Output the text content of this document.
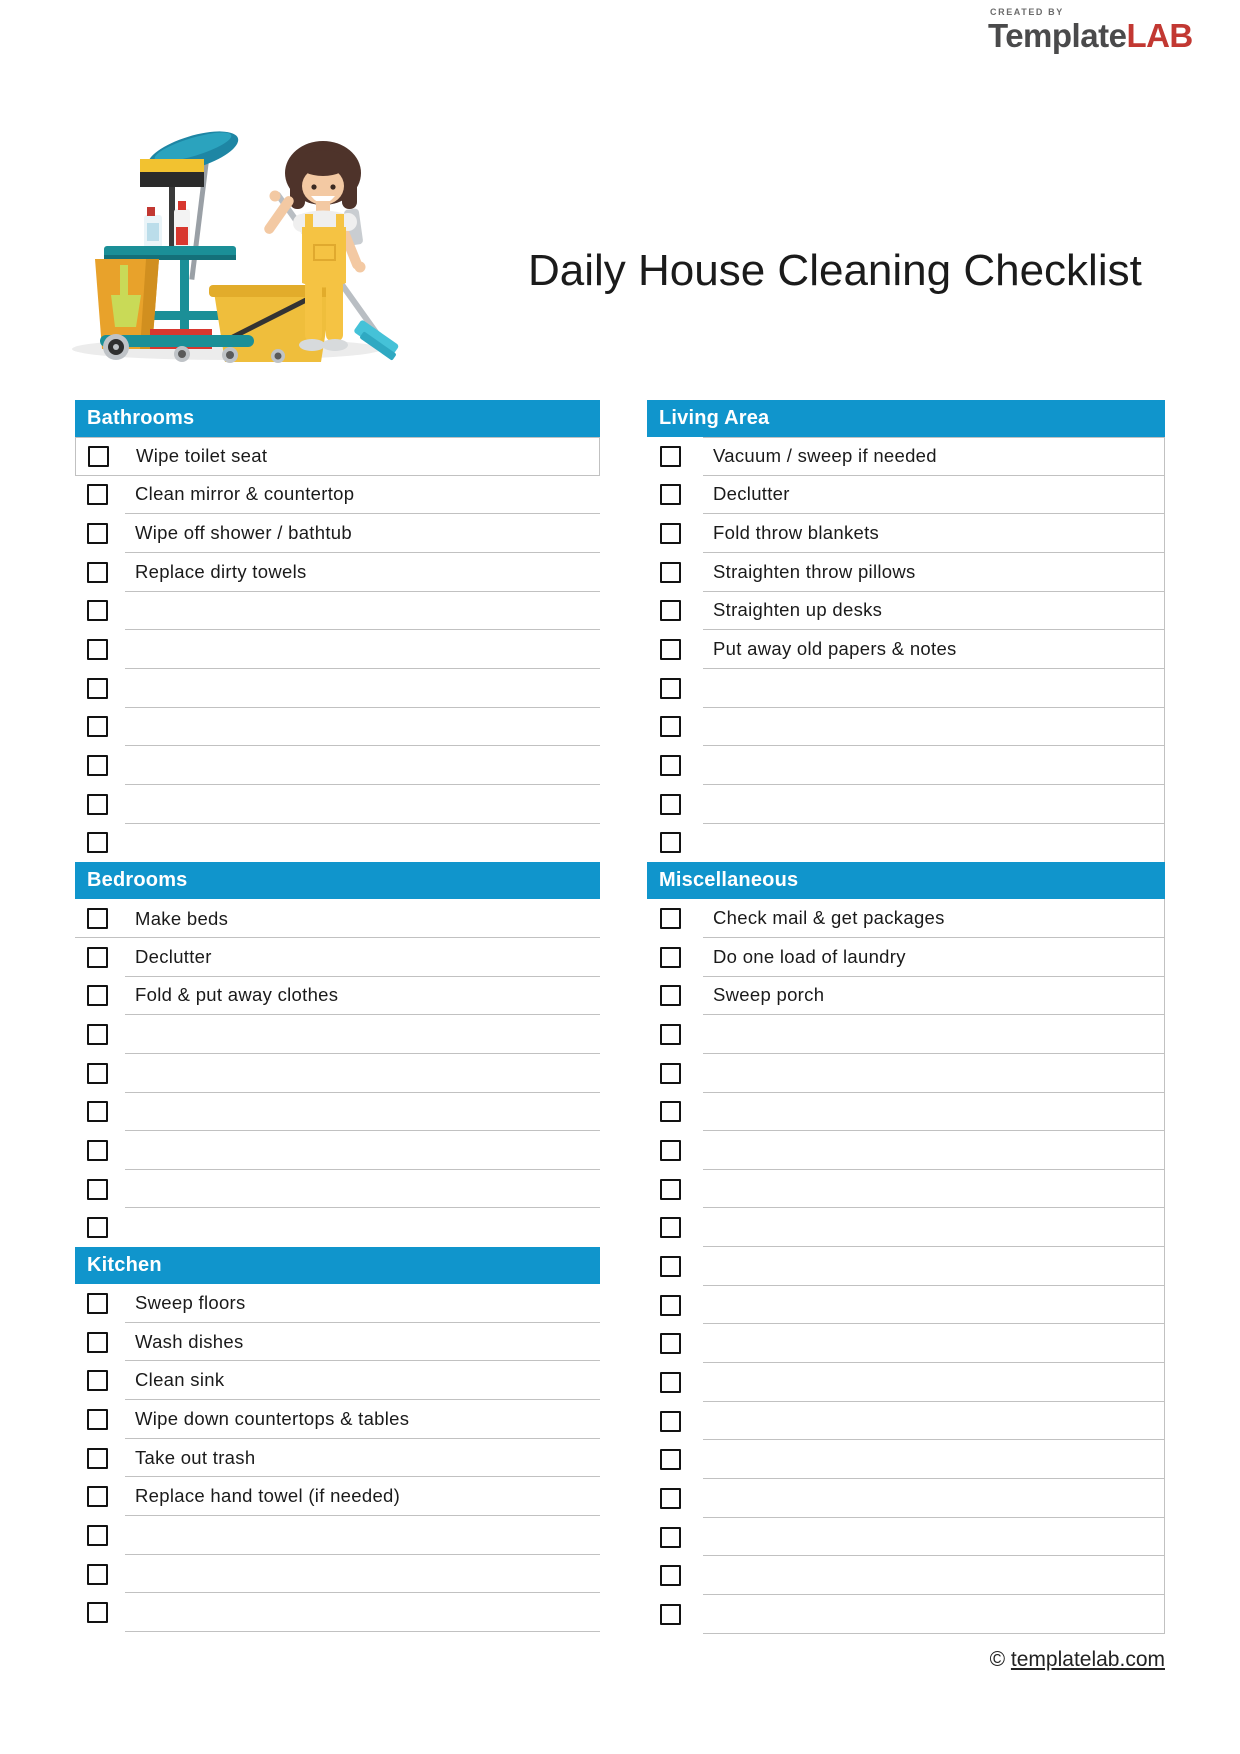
CREATED BY
TemplateLAB
Daily House Cleaning Checklist
Bathrooms
Wipe toilet seat
Clean mirror & countertop
Wipe off shower / bathtub
Replace dirty towels
Bedrooms
Make beds
Declutter
Fold & put away clothes
Kitchen
Sweep floors
Wash dishes
Clean sink
Wipe down countertops & tables
Take out trash
Replace hand towel (if needed)
Living Area
Vacuum / sweep if needed
Declutter
Fold throw blankets
Straighten throw pillows
Straighten up desks
Put away old papers & notes
Miscellaneous
Check mail & get packages
Do one load of laundry
Sweep porch
© templatelab.com
